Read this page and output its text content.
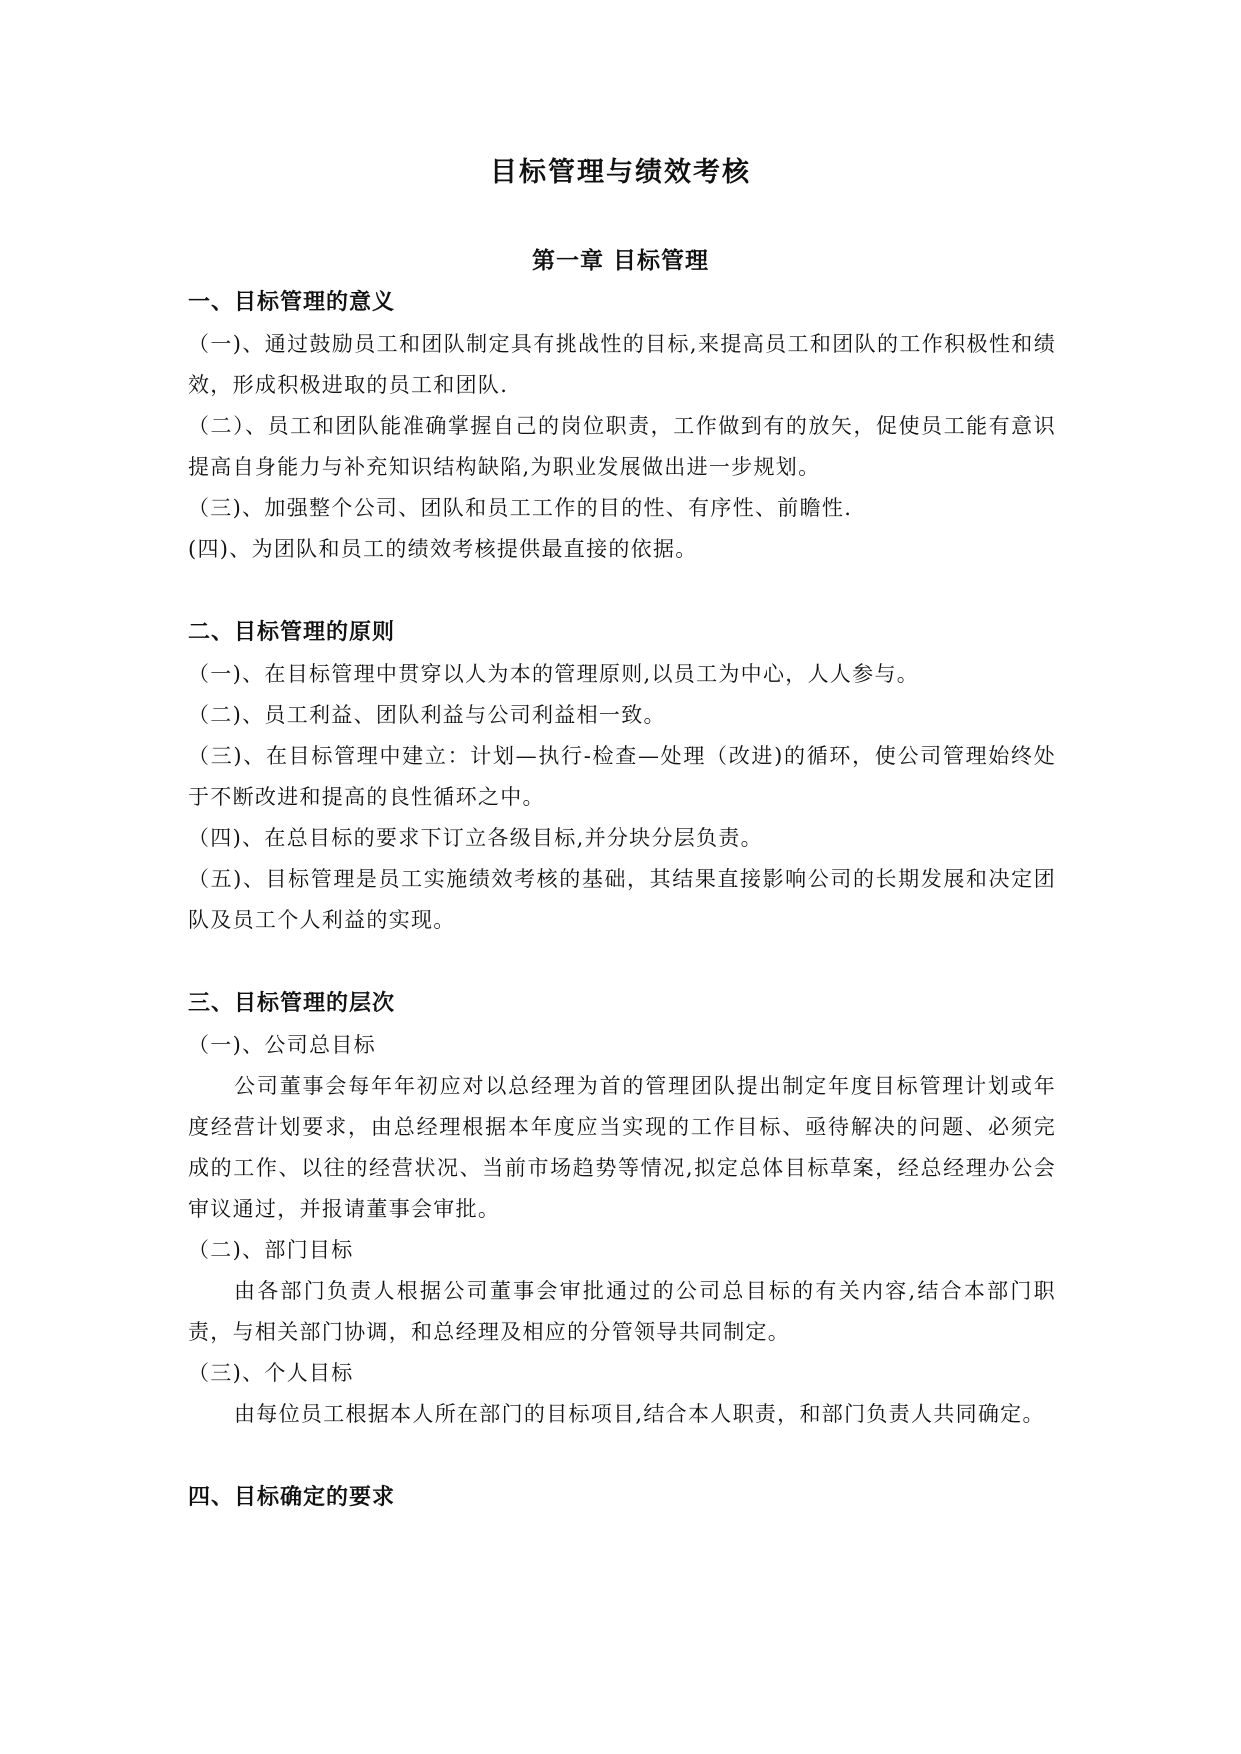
目标管理与绩效考核
第一章 目标管理

一、目标管理的意义

（一)、通过鼓励员工和团队制定具有挑战性的目标,来提高员工和团队的工作积极性和绩效，形成积极进取的员工和团队.

（二）、员工和团队能准确掌握自己的岗位职责，工作做到有的放矢，促使员工能有意识提高自身能力与补充知识结构缺陷,为职业发展做出进一步规划。

（三)、加强整个公司、团队和员工工作的目的性、有序性、前瞻性.

(四)、为团队和员工的绩效考核提供最直接的依据。

二、目标管理的原则

（一)、在目标管理中贯穿以人为本的管理原则,以员工为中心，人人参与。

（二)、员工利益、团队利益与公司利益相一致。

（三)、在目标管理中建立：计划—执行-检查—处理（改进)的循环，使公司管理始终处于不断改进和提高的良性循环之中。

（四)、在总目标的要求下订立各级目标,并分块分层负责。

（五)、目标管理是员工实施绩效考核的基础，其结果直接影响公司的长期发展和决定团队及员工个人利益的实现。

三、目标管理的层次

（一)、公司总目标

公司董事会每年年初应对以总经理为首的管理团队提出制定年度目标管理计划或年度经营计划要求，由总经理根据本年度应当实现的工作目标、亟待解决的问题、必须完成的工作、以往的经营状况、当前市场趋势等情况,拟定总体目标草案，经总经理办公会审议通过，并报请董事会审批。

（二)、部门目标

由各部门负责人根据公司董事会审批通过的公司总目标的有关内容,结合本部门职责，与相关部门协调，和总经理及相应的分管领导共同制定。

（三)、个人目标

由每位员工根据本人所在部门的目标项目,结合本人职责，和部门负责人共同确定。

四、目标确定的要求
